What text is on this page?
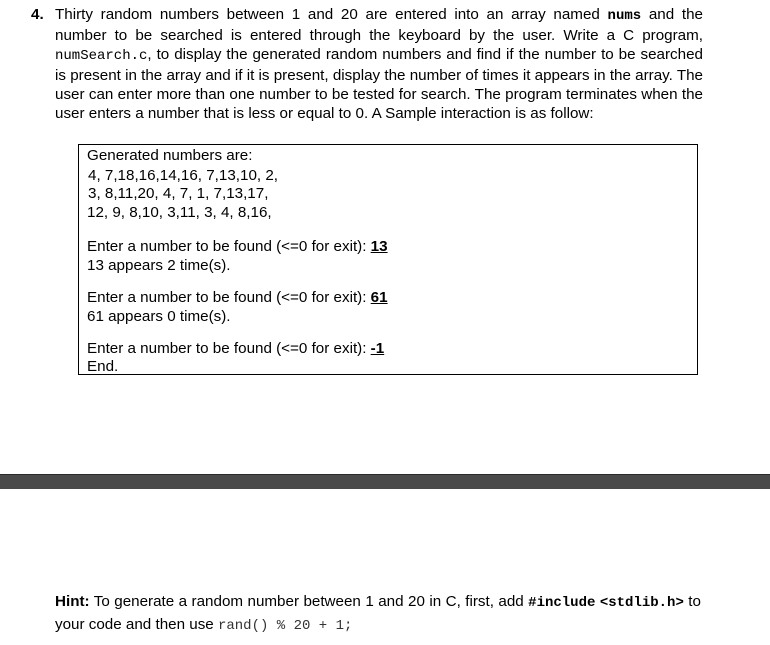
4. Thirty random numbers between 1 and 20 are entered into an array named nums and the number to be searched is entered through the keyboard by the user. Write a C program, numSearch.c, to display the generated random numbers and find if the number to be searched is present in the array and if it is present, display the number of times it appears in the array. The user can enter more than one number to be tested for search. The program terminates when the user enters a number that is less or equal to 0. A Sample interaction is as follow:
Generated numbers are:
4, 7,18,16,14,16, 7,13,10, 2,
3, 8,11,20, 4, 7, 1, 7,13,17,
12, 9, 8,10, 3,11, 3, 4, 8,16,
Enter a number to be found (<=0 for exit): 13
13 appears 2 time(s).
Enter a number to be found (<=0 for exit): 61
61 appears 0 time(s).
Enter a number to be found (<=0 for exit): -1
End.
Hint: To generate a random number between 1 and 20 in C, first, add #include <stdlib.h> to your code and then use rand() % 20 + 1;
